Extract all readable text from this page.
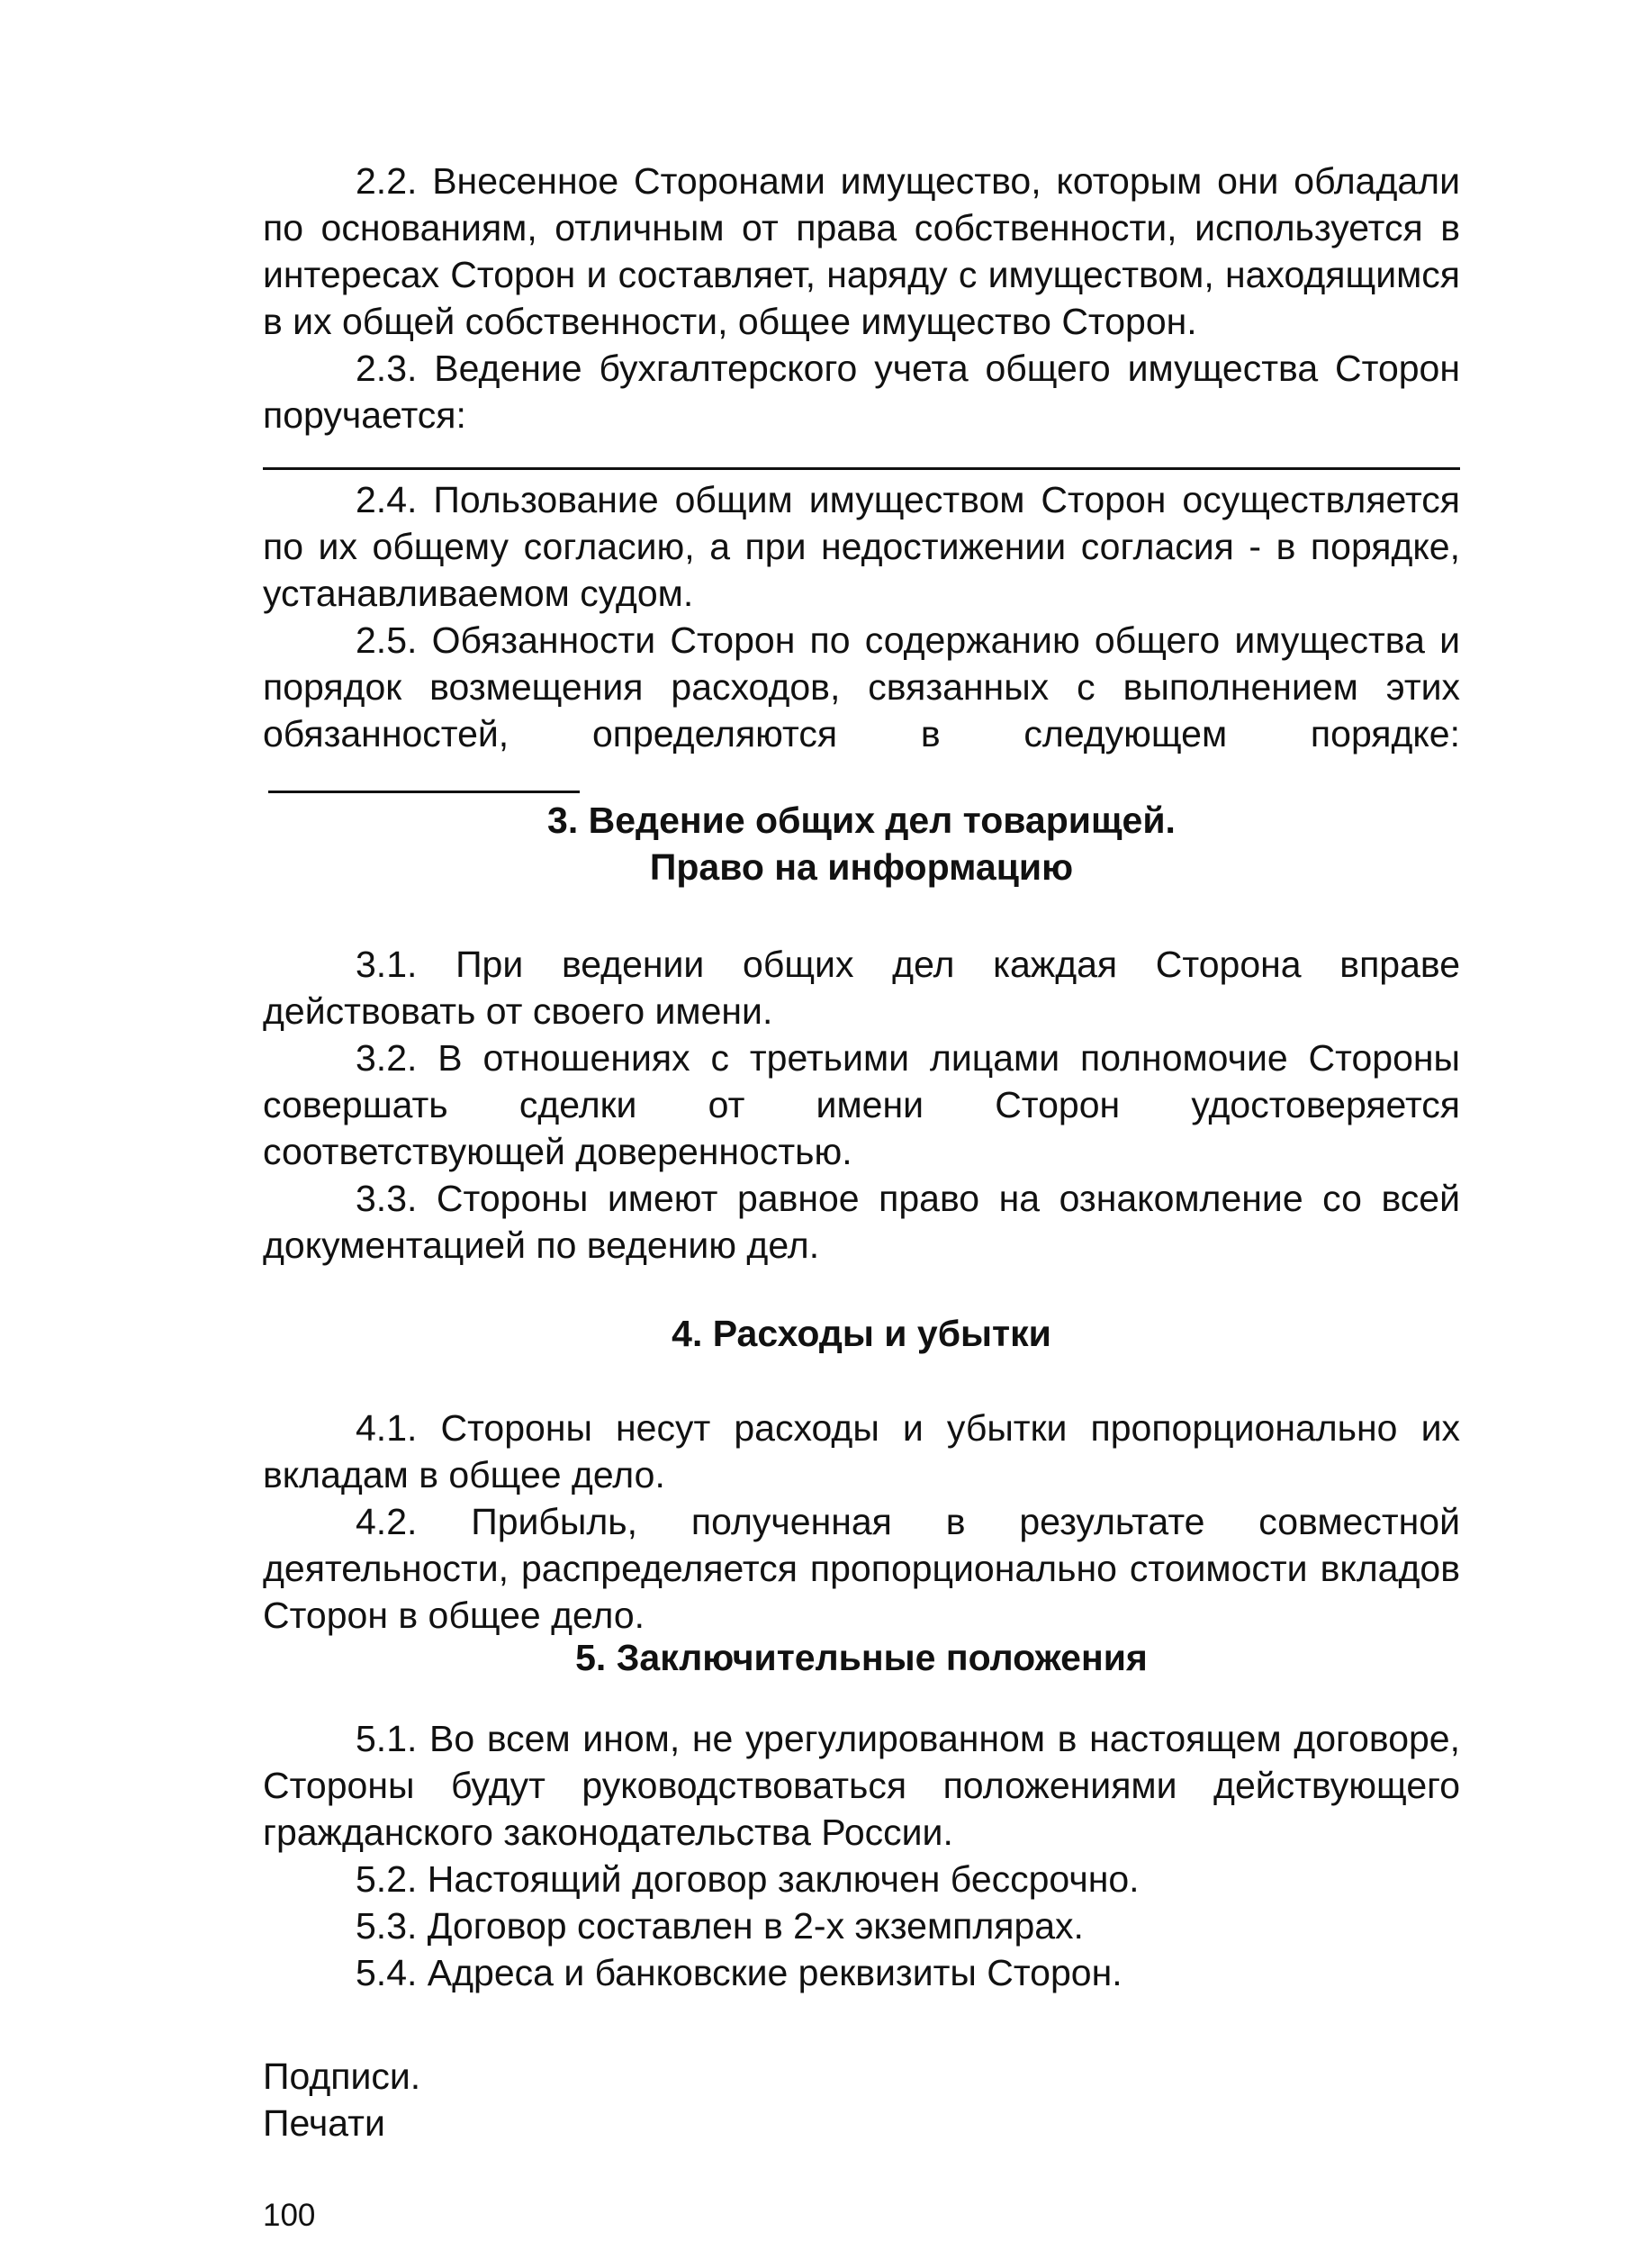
2.2. Внесенное Сторонами имущество, которым они обладали по основаниям, отличным от права собственности, используется в интересах Сторон и составляет, наряду с имуществом, находящимся в их общей собственности, общее имущество Сторон.

2.3. Ведение бухгалтерского учета общего имущества Сторон поручается:

2.4. Пользование общим имуществом Сторон осуществляется по их общему согласию, а при недостижении согласия - в порядке, устанавливаемом судом.

2.5. Обязанности Сторон по содержанию общего имущества и порядок возмещения расходов, связанных с выполнением этих обязанностей, определяются в следующем порядке:

3. Ведение общих дел товарищей.

Право на информацию

3.1. При ведении общих дел каждая Сторона вправе действовать от своего имени.

3.2. В отношениях с третьими лицами полномочие Стороны совершать сделки от имени Сторон удостоверяется соответствующей доверенностью.

3.3. Стороны имеют равное право на ознакомление со всей документацией по ведению дел.

4. Расходы и убытки

4.1. Стороны несут расходы и убытки пропорционально их вкладам в общее дело.

4.2. Прибыль, полученная в результате совместной деятельности, распределяется пропорционально стоимости вкладов Сторон в общее дело.

5. Заключительные положения

5.1. Во всем ином, не урегулированном в настоящем договоре, Стороны будут руководствоваться положениями действующего гражданского законодательства России.

5.2. Настоящий договор заключен бессрочно.

5.3. Договор составлен в 2-х экземплярах.

5.4. Адреса и банковские реквизиты Сторон.

Подписи.

Печати

100
